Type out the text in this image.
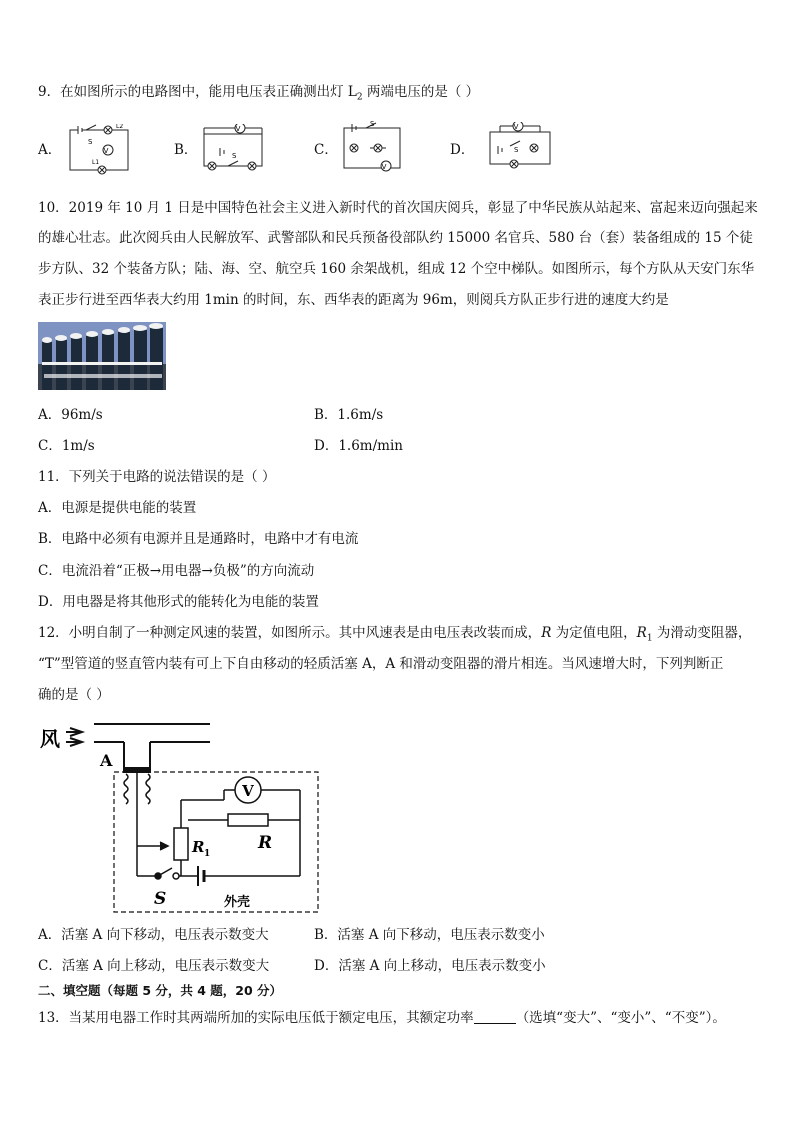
9．在如图所示的电路图中，能用电压表正确测出灯 $L_2$ 两端电压的是（ ）
A．	V
S
L2
L1
B．
V
S	C．
V
S
D．
V
S
10．2019 年 10 月 1 日是中国特色社会主义进入新时代的首次国庆阅兵，彰显了中华民族从站起来、富起来迈向强起来
的雄心壮志。此次阅兵由人民解放军、武警部队和民兵预备役部队约 15000 名官兵、580 台（套）装备组成的 15 个徒
步方队、32 个装备方队；陆、海、空、航空兵 160 余架战机，组成 12 个空中梯队。如图所示，每个方队从天安门东华
表正步行进至西华表大约用 1min 的时间，东、西华表的距离为 96m，则阅兵方队正步行进的速度大约是
A．96m/s	B．1.6m/s
C．1m/s	D．1.6m/min
11．下列关于电路的说法错误的是（ ）
A．电源是提供电能的装置
B．电路中必须有电源并且是通路时，电路中才有电流
C．电流沿着“正极→用电器→负极”的方向流动
D．用电器是将其他形式的能转化为电能的装置
12．小明自制了一种测定风速的装置，如图所示。其中风速表是由电压表改装而成，R 为定值电阻，$R_1$ 为滑动变阻器，
“T”型管道的竖直管内装有可上下自由移动的轻质活塞 A，A 和滑动变阻器的滑片相连。当风速增大时，下列判断正
确的是（ ）
风
A
V
R 1
R
S	外壳
A．活塞 A 向下移动，电压表示数变大	B．活塞 A 向下移动，电压表示数变小
C．活塞 A 向上移动，电压表示数变大	D．活塞 A 向上移动，电压表示数变小
二、填空题（每题 5 分，共 4 题，20 分）
13．当某用电器工作时其两端所加的实际电压低于额定电压，其额定功率	（选填“变大”、“变小”、“不变”）。
